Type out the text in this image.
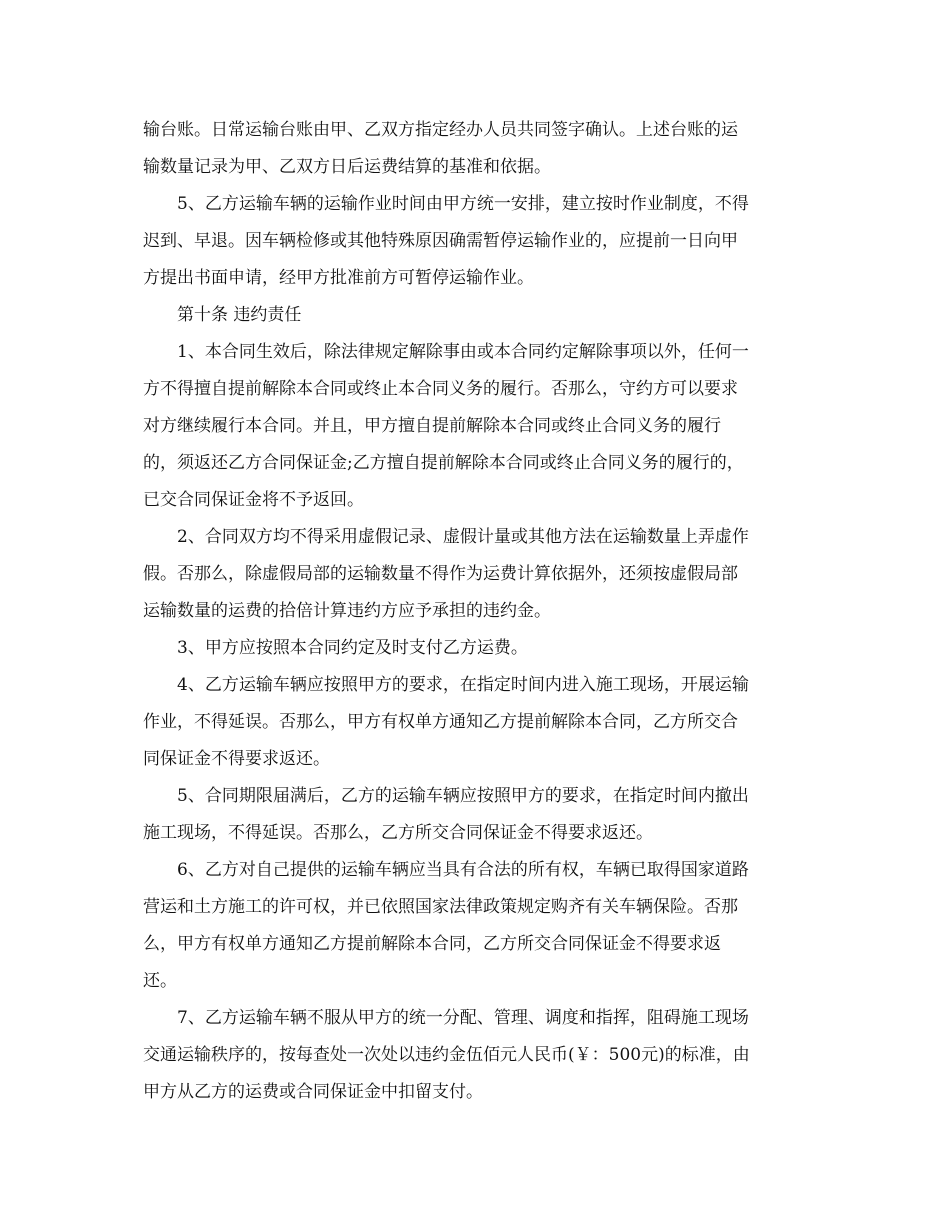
输台账。日常运输台账由甲、乙双方指定经办人员共同签字确认。上述台账的运
输数量记录为甲、乙双方日后运费结算的基准和依据。
5、乙方运输车辆的运输作业时间由甲方统一安排，建立按时作业制度，不得
迟到、早退。因车辆检修或其他特殊原因确需暂停运输作业的，应提前一日向甲
方提出书面申请，经甲方批准前方可暂停运输作业。
第十条 违约责任
1、本合同生效后，除法律规定解除事由或本合同约定解除事项以外，任何一
方不得擅自提前解除本合同或终止本合同义务的履行。否那么，守约方可以要求
对方继续履行本合同。并且，甲方擅自提前解除本合同或终止合同义务的履行
的，须返还乙方合同保证金;乙方擅自提前解除本合同或终止合同义务的履行的，
已交合同保证金将不予返回。
2、合同双方均不得采用虚假记录、虚假计量或其他方法在运输数量上弄虚作
假。否那么，除虚假局部的运输数量不得作为运费计算依据外，还须按虚假局部
运输数量的运费的拾倍计算违约方应予承担的违约金。
3、甲方应按照本合同约定及时支付乙方运费。
4、乙方运输车辆应按照甲方的要求，在指定时间内进入施工现场，开展运输
作业，不得延误。否那么，甲方有权单方通知乙方提前解除本合同，乙方所交合
同保证金不得要求返还。
5、合同期限届满后，乙方的运输车辆应按照甲方的要求，在指定时间内撤出
施工现场，不得延误。否那么，乙方所交合同保证金不得要求返还。
6、乙方对自己提供的运输车辆应当具有合法的所有权，车辆已取得国家道路
营运和土方施工的许可权，并已依照国家法律政策规定购齐有关车辆保险。否那
么，甲方有权单方通知乙方提前解除本合同，乙方所交合同保证金不得要求返
还。
7、乙方运输车辆不服从甲方的统一分配、管理、调度和指挥，阻碍施工现场
交通运输秩序的，按每查处一次处以违约金伍佰元人民币(￥：500元)的标准，由
甲方从乙方的运费或合同保证金中扣留支付。
